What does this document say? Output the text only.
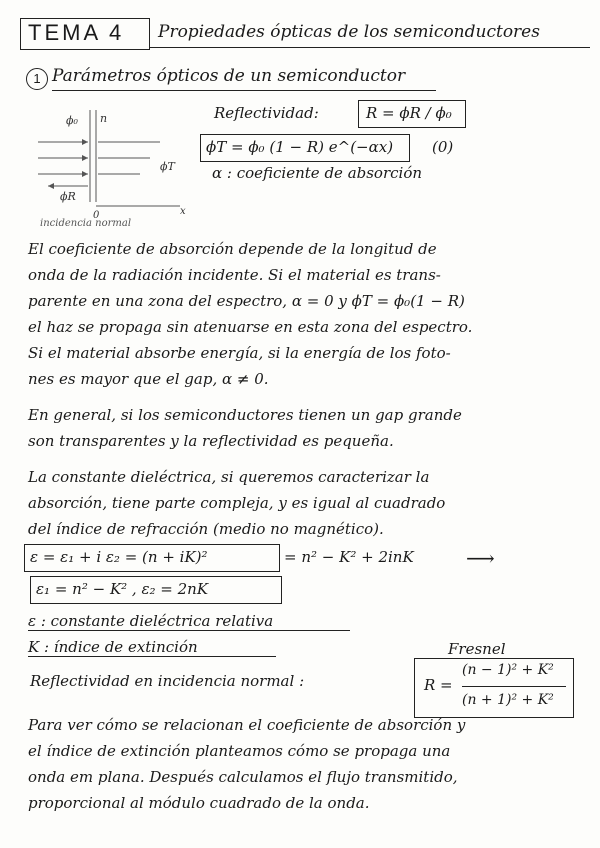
TEMA 4 Propiedades ópticas de los semiconductores
1 Parámetros ópticos de un semiconductor
ϕ₀
ϕR
ϕT
n
0	x
incidencia normal
Reflectividad:	R = ϕR / ϕ₀
ϕT = ϕ₀ (1 − R) e^(−αx)	(0)
α : coeficiente de absorción
El coeficiente de absorción depende de la longitud de
onda de la radiación incidente. Si el material es trans-
parente en una zona del espectro, α = 0 y ϕT = ϕ₀(1 − R)
el haz se propaga sin atenuarse en esta zona del espectro.
Si el material absorbe energía, si la energía de los foto-
nes es mayor que el gap, α ≠ 0.
En general, si los semiconductores tienen un gap grande
son transparentes y la reflectividad es pequeña.
La constante dieléctrica, si queremos caracterizar la
absorción, tiene parte compleja, y es igual al cuadrado
del índice de refracción (medio no magnético).
ε = ε₁ + i ε₂ = (n + iK)²	= n² − K² + 2inK	⟶
ε₁ = n² − K² , ε₂ = 2nK
ε : constante dieléctrica relativa
K : índice de extinción	Fresnel
Reflectividad en incidencia normal :	R =
(n − 1)² + K²
(n + 1)² + K²
Para ver cómo se relacionan el coeficiente de absorción y
el índice de extinción planteamos cómo se propaga una
onda em plana. Después calculamos el flujo transmitido,
proporcional al módulo cuadrado de la onda.
